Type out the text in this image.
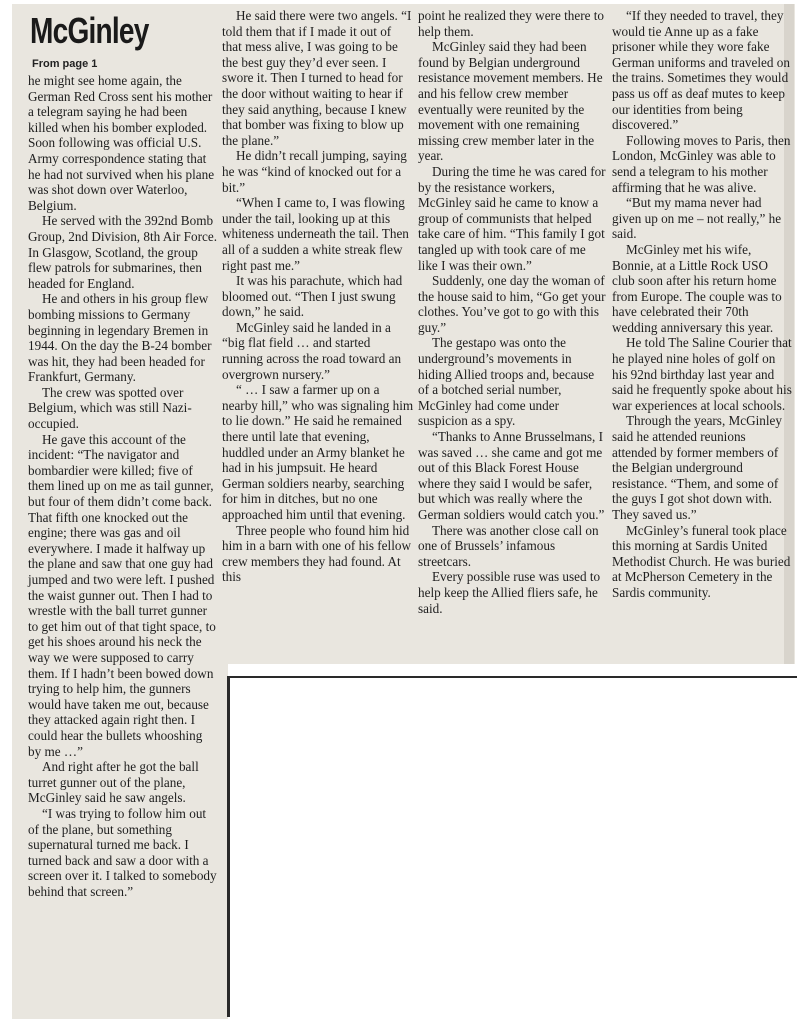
McGinley
From page 1

he might see home again, the German Red Cross sent his mother a telegram saying he had been killed when his bomber exploded. Soon following was official U.S. Army correspondence stating that he had not survived when his plane was shot down over Waterloo, Belgium.

He served with the 392nd Bomb Group, 2nd Division, 8th Air Force. In Glasgow, Scotland, the group flew patrols for submarines, then headed for England.

He and others in his group flew bombing missions to Germany beginning in legendary Bremen in 1944. On the day the B-24 bomber was hit, they had been headed for Frankfurt, Germany.

The crew was spotted over Belgium, which was still Nazi-occupied.

He gave this account of the incident: “The navigator and bombardier were killed; five of them lined up on me as tail gunner, but four of them didn’t come back. That fifth one knocked out the engine; there was gas and oil everywhere. I made it halfway up the plane and saw that one guy had jumped and two were left. I pushed the waist gunner out. Then I had to wrestle with the ball turret gunner to get him out of that tight space, to get his shoes around his neck the way we were supposed to carry them. If I hadn’t been bowed down trying to help him, the gunners would have taken me out, because they attacked again right then. I could hear the bullets whooshing by me …”

And right after he got the ball turret gunner out of the plane, McGinley said he saw angels.

“I was trying to follow him out of the plane, but something supernatural turned me back. I turned back and saw a door with a screen over it. I talked to somebody behind that screen.”

He said there were two angels. “I told them that if I made it out of that mess alive, I was going to be the best guy they’d ever seen. I swore it. Then I turned to head for the door without waiting to hear if they said anything, because I knew that bomber was fixing to blow up the plane.”

He didn’t recall jumping, saying he was “kind of knocked out for a bit.”

“When I came to, I was flowing under the tail, looking up at this whiteness underneath the tail. Then all of a sudden a white streak flew right past me.”

It was his parachute, which had bloomed out. “Then I just swung down,” he said.

McGinley said he landed in a “big flat field … and started running across the road toward an overgrown nursery.”

“ … I saw a farmer up on a nearby hill,” who was signaling him to lie down.” He said he remained there until late that evening, huddled under an Army blanket he had in his jumpsuit. He heard German soldiers nearby, searching for him in ditches, but no one approached him until that evening.

Three people who found him hid him in a barn with one of his fellow crew members they had found. At this

point he realized they were there to help them.

McGinley said they had been found by Belgian underground resistance movement members. He and his fellow crew member eventually were reunited by the movement with one remaining missing crew member later in the year.

During the time he was cared for by the resistance workers, McGinley said he came to know a group of communists that helped take care of him. “This family I got tangled up with took care of me like I was their own.”

Suddenly, one day the woman of the house said to him, “Go get your clothes. You’ve got to go with this guy.”

The gestapo was onto the underground’s movements in hiding Allied troops and, because of a botched serial number, McGinley had come under suspicion as a spy.

“Thanks to Anne Brusselmans, I was saved … she came and got me out of this Black Forest House where they said I would be safer, but which was really where the German soldiers would catch you.”

There was another close call on one of Brussels’ infamous streetcars.

Every possible ruse was used to help keep the Allied fliers safe, he said.

“If they needed to travel, they would tie Anne up as a fake prisoner while they wore fake German uniforms and traveled on the trains. Sometimes they would pass us off as deaf mutes to keep our identities from being discovered.”

Following moves to Paris, then London, McGinley was able to send a telegram to his mother affirming that he was alive.

“But my mama never had given up on me – not really,” he said.

McGinley met his wife, Bonnie, at a Little Rock USO club soon after his return home from Europe. The couple was to have celebrated their 70th wedding anniversary this year.

He told The Saline Courier that he played nine holes of golf on his 92nd birthday last year and said he frequently spoke about his war experiences at local schools.

Through the years, McGinley said he attended reunions attended by former members of the Belgian underground resistance. “Them, and some of the guys I got shot down with. They saved us.”

McGinley’s funeral took place this morning at Sardis United Methodist Church. He was buried at McPherson Cemetery in the Sardis community.
